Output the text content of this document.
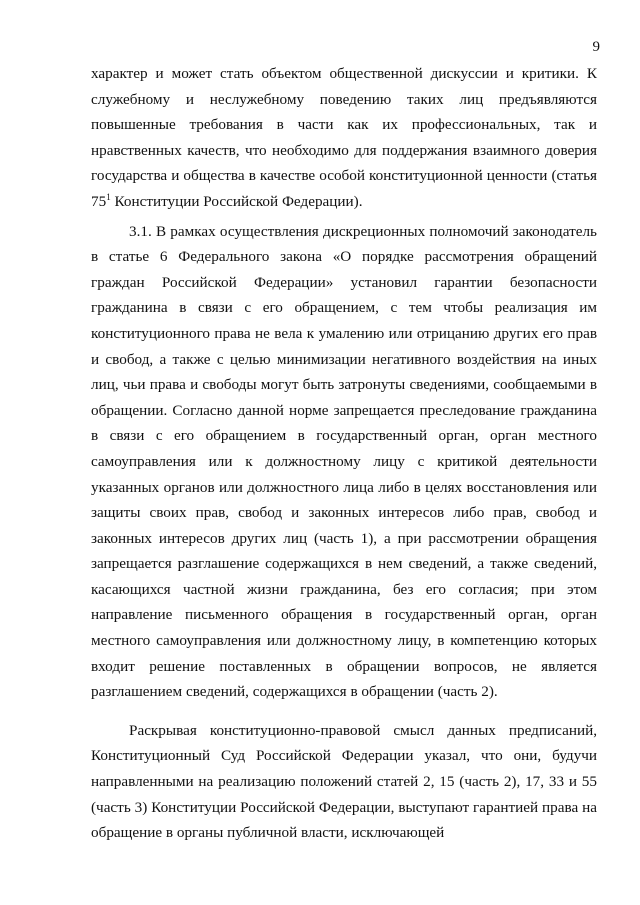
9

характер и может стать объектом общественной дискуссии и критики. К служебному и неслужебному поведению таких лиц предъявляются повышенные требования в части как их профессиональных, так и нравственных качеств, что необходимо для поддержания взаимного доверия государства и общества в качестве особой конституционной ценности (статья $75^1$ Конституции Российской Федерации).

3.1. В рамках осуществления дискреционных полномочий законодатель в статье 6 Федерального закона «О порядке рассмотрения обращений граждан Российской Федерации» установил гарантии безопасности гражданина в связи с его обращением, с тем чтобы реализация им конституционного права не вела к умалению или отрицанию других его прав и свобод, а также с целью минимизации негативного воздействия на иных лиц, чьи права и свободы могут быть затронуты сведениями, сообщаемыми в обращении. Согласно данной норме запрещается преследование гражданина в связи с его обращением в государственный орган, орган местного самоуправления или к должностному лицу с критикой деятельности указанных органов или должностного лица либо в целях восстановления или защиты своих прав, свобод и законных интересов либо прав, свобод и законных интересов других лиц (часть 1), а при рассмотрении обращения запрещается разглашение содержащихся в нем сведений, а также сведений, касающихся частной жизни гражданина, без его согласия; при этом направление письменного обращения в государственный орган, орган местного самоуправления или должностному лицу, в компетенцию которых входит решение поставленных в обращении вопросов, не является разглашением сведений, содержащихся в обращении (часть 2).

Раскрывая конституционно-правовой смысл данных предписаний, Конституционный Суд Российской Федерации указал, что они, будучи направленными на реализацию положений статей 2, 15 (часть 2), 17, 33 и 55 (часть 3) Конституции Российской Федерации, выступают гарантией права на обращение в органы публичной власти, исключающей
